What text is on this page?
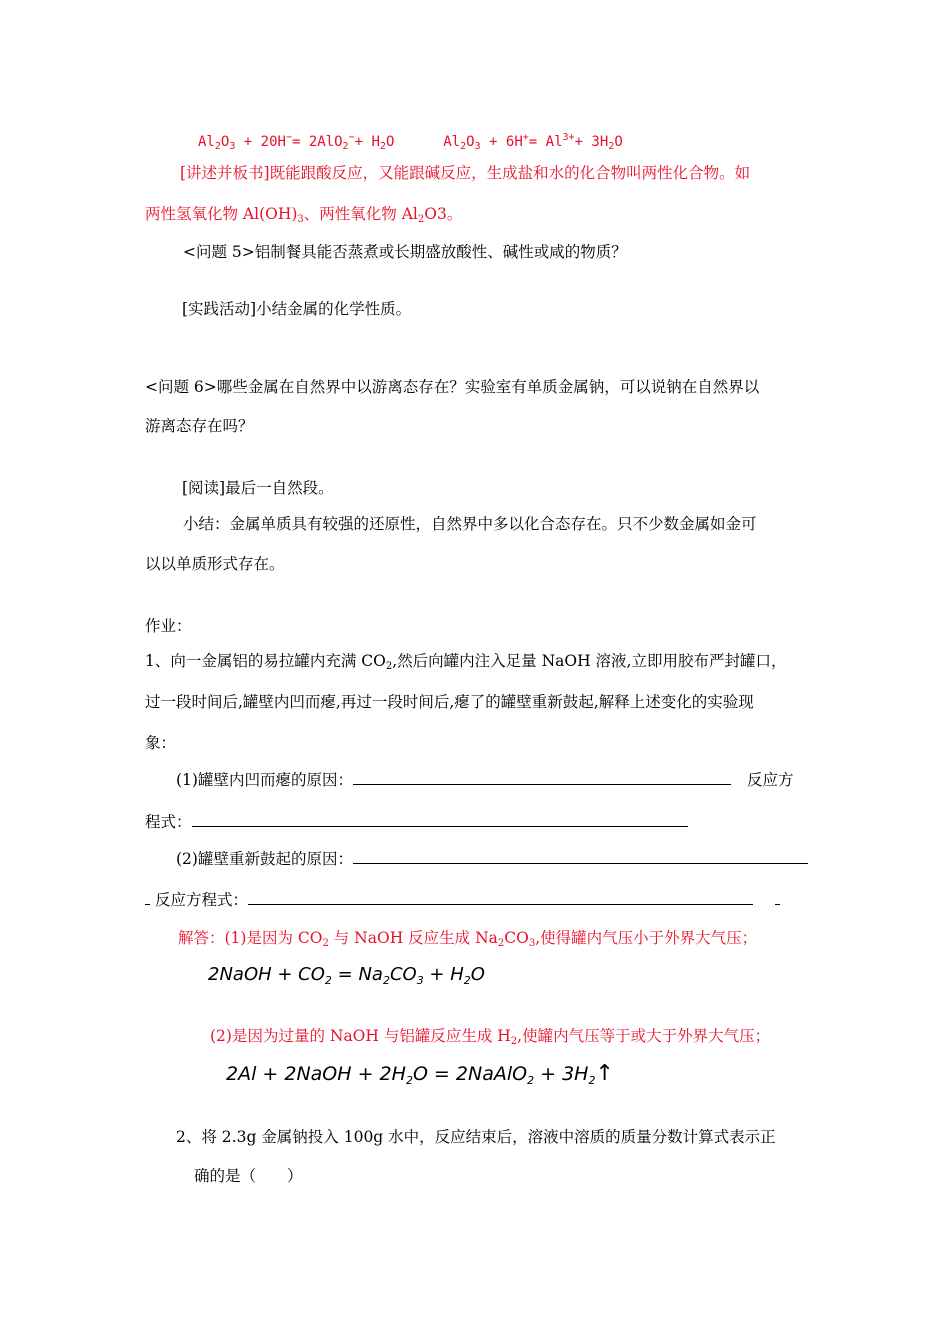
$Al_2O_3 + 20H^-= 2AlO_2^-+ H_2O$	$Al_2O_3 + 6H^+= Al^{3+}+ 3H_2O$
[讲述并板书]既能跟酸反应，又能跟碱反应，生成盐和水的化合物叫两性化合物。如
两性氢氧化物 $Al(OH)_3$、两性氧化物 $Al_2O3$。
<问题 5>铝制餐具能否蒸煮或长期盛放酸性、碱性或咸的物质？
[实践活动]小结金属的化学性质。
<问题 6>哪些金属在自然界中以游离态存在？实验室有单质金属钠，可以说钠在自然界以
游离态存在吗？
[阅读]最后一自然段。
小结：金属单质具有较强的还原性，自然界中多以化合态存在。只不少数金属如金可
以以单质形式存在。
作业：
1、向一金属铝的易拉罐内充满 $CO_2$,然后向罐内注入足量 NaOH 溶液,立即用胶布严封罐口，
过一段时间后,罐壁内凹而瘪,再过一段时间后,瘪了的罐壁重新鼓起,解释上述变化的实验现
象：
(1)罐壁内凹而瘪的原因：	反应方
程式：
(2)罐壁重新鼓起的原因：
反应方程式：
解答：(1)是因为 $CO_2$ 与 NaOH 反应生成 $Na_2CO_3$,使得罐内气压小于外界大气压；
2NaOH + $CO_2 = Na_2CO_3 + H_2O$
(2)是因为过量的 NaOH 与铝罐反应生成 $H_2$,使罐内气压等于或大于外界大气压；
2Al + 2NaOH + $2H_2O$ = 2NaAlO$_2$ + $3H_2↑$
2、将 2.3g 金属钠投入 100g 水中，反应结束后，溶液中溶质的质量分数计算式表示正
确的是（　　）
